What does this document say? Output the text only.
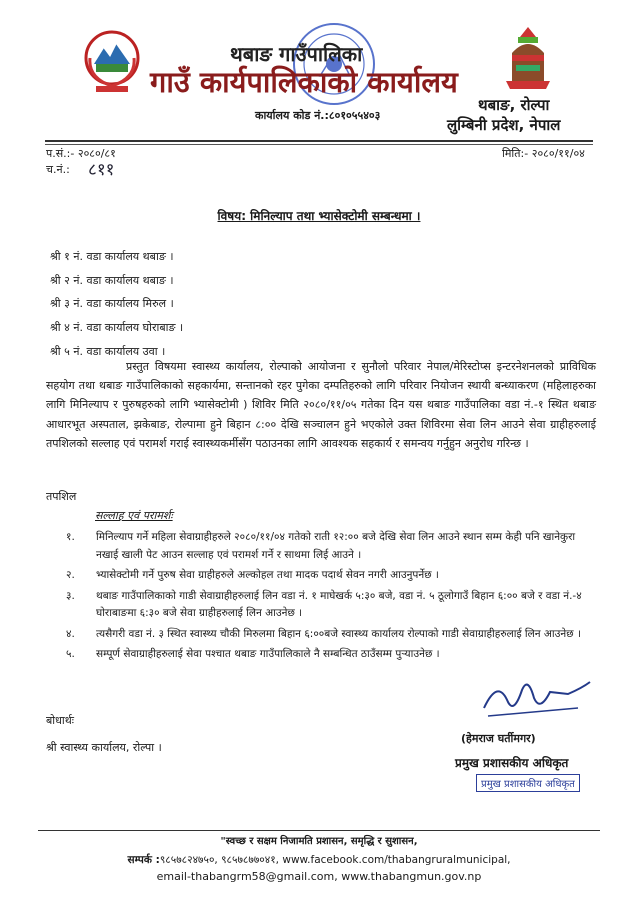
थबाङ गाउँपालिका
गाउँ कार्यपालिकाको कार्यालय
कार्यालय कोड नं.:८०१०५५४०३
थबाङ, रोल्पा
लुम्बिनी प्रदेश, नेपाल
प.सं.:- २०८०/८१
च.नं.: ८११
मिति:- २०८०/११/०४
विषय: मिनिल्याप तथा भ्यासेक्टोमी सम्बन्धमा ।
श्री १ नं. वडा कार्यालय थबाङ ।
श्री २ नं. वडा कार्यालय थबाङ ।
श्री ३ नं. वडा कार्यालय मिरुल ।
श्री ४ नं. वडा कार्यालय घोराबाङ ।
श्री ५ नं. वडा कार्यालय उवा ।
प्रस्तुत विषयमा स्वास्थ्य कार्यालय, रोल्पाको आयोजना र सुनौलो परिवार नेपाल/मेरिस्टोप्स इन्टरनेशनलको प्राविधिक सहयोग तथा थबाङ गाउँपालिकाको सहकार्यमा, सन्तानको रहर पुगेका दम्पतिहरुको लागि परिवार नियोजन स्थायी बन्ध्याकरण (महिलाहरुका लागि मिनिल्याप र पुरुषहरुको लागि भ्यासेक्टोमी ) शिविर मिति २०८०/११/०५ गतेका दिन यस थबाङ गाउँपालिका वडा नं.-१ स्थित थबाङ आधारभूत अस्पताल, झकेबाङ, रोल्पामा हुने बिहान ८:०० देखि सञ्चालन हुने भएकोले उक्त शिविरमा सेवा लिन आउने सेवा ग्राहीहरुलाई तपशिलको सल्लाह एवं परामर्श गराई स्वास्थ्यकर्मीसँग पठाउनका लागि आवश्यक सहकार्य र समन्वय गर्नुहुन अनुरोध गरिन्छ ।
तपशिल
सल्लाह एवं परामर्शः
१.	मिनिल्याप गर्ने महिला सेवाग्राहीहरुले २०८०/११/०४ गतेको राती १२:०० बजे देखि सेवा लिन आउने स्थान सम्म केही पनि खानेकुरा नखाई खाली पेट आउन सल्लाह एवं परामर्श गर्ने र साथमा लिई आउने ।
२.	भ्यासेक्टोमी गर्ने पुरुष सेवा ग्राहीहरुले अल्कोहल तथा मादक पदार्थ सेवन नगरी आउनुपर्नेछ ।
३.	थबाङ गाउँपालिकाको गाडी सेवाग्राहीहरुलाई लिन वडा नं. १ माघेखर्क ५:३० बजे, वडा नं. ५ ठूलोगाउँ बिहान ६:०० बजे र वडा नं.-४ घोराबाङमा ६:३० बजे सेवा ग्राहीहरुलाई लिन आउनेछ ।
४.	त्यसैगरी वडा नं. ३ स्थित स्वास्थ्य चौकी मिरुलमा बिहान ६:००बजे स्वास्थ्य कार्यालय रोल्पाको गाडी सेवाग्राहीहरुलाई लिन आउनेछ ।
५.	सम्पूर्ण सेवाग्राहीहरुलाई सेवा पश्चात थबाङ गाउँपालिकाले नै सम्बन्धित ठाउँसम्म पुर्‍याउनेछ ।
बोधार्थः
श्री स्वास्थ्य कार्यालय, रोल्पा ।
(हेमराज घर्तीमगर)
प्रमुख प्रशासकीय अधिकृत
प्रमुख प्रशासकीय अधिकृत
"स्वच्छ र सक्षम निजामति प्रशासन, समृद्धि र सुशासन,
सम्पर्क :९८५७८२४७५०, ९८५७८७७०४१, www.facebook.com/thabangruralmunicipal,
email-thabangrm58@gmail.com, www.thabangmun.gov.np
